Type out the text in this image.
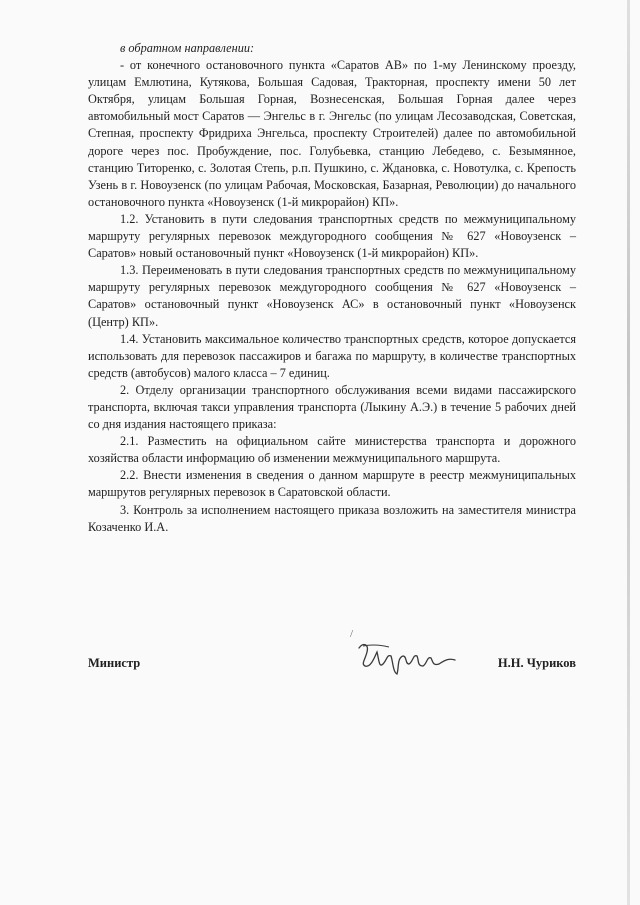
в обратном направлении:

- от конечного остановочного пункта «Саратов АВ» по 1-му Ленинскому проезду, улицам Емлютина, Кутякова, Большая Садовая, Тракторная, проспекту имени 50 лет Октября, улицам Большая Горная, Вознесенская, Большая Горная далее через автомобильный мост Саратов — Энгельс в г. Энгельс (по улицам Лесозаводская, Советская, Степная, проспекту Фридриха Энгельса, проспекту Строителей) далее по автомобильной дороге через пос. Пробуждение, пос. Голубьевка, станцию Лебедево, с. Безымянное, станцию Титоренко, с. Золотая Степь, р.п. Пушкино, с. Ждановка, с. Новотулка, с. Крепость Узень в г. Новоузенск (по улицам Рабочая, Московская, Базарная, Революции) до начального остановочного пункта «Новоузенск (1-й микрорайон) КП».

1.2. Установить в пути следования транспортных средств по межмуниципальному маршруту регулярных перевозок междугородного сообщения № 627 «Новоузенск – Саратов» новый остановочный пункт «Новоузенск (1-й микрорайон) КП».

1.3. Переименовать в пути следования транспортных средств по межмуниципальному маршруту регулярных перевозок междугородного сообщения № 627 «Новоузенск – Саратов» остановочный пункт «Новоузенск АС» в остановочный пункт «Новоузенск (Центр) КП».

1.4. Установить максимальное количество транспортных средств, которое допускается использовать для перевозок пассажиров и багажа по маршруту, в количестве транспортных средств (автобусов) малого класса – 7 единиц.

2. Отделу организации транспортного обслуживания всеми видами пассажирского транспорта, включая такси управления транспорта (Лыкину А.Э.) в течение 5 рабочих дней со дня издания настоящего приказа:

2.1. Разместить на официальном сайте министерства транспорта и дорожного хозяйства области информацию об изменении межмуниципального маршрута.

2.2. Внести изменения в сведения о данном маршруте в реестр межмуниципальных маршрутов регулярных перевозок в Саратовской области.

3. Контроль за исполнением настоящего приказа возложить на заместителя министра Козаченко И.А.

/
Министр	Н.Н. Чуриков
